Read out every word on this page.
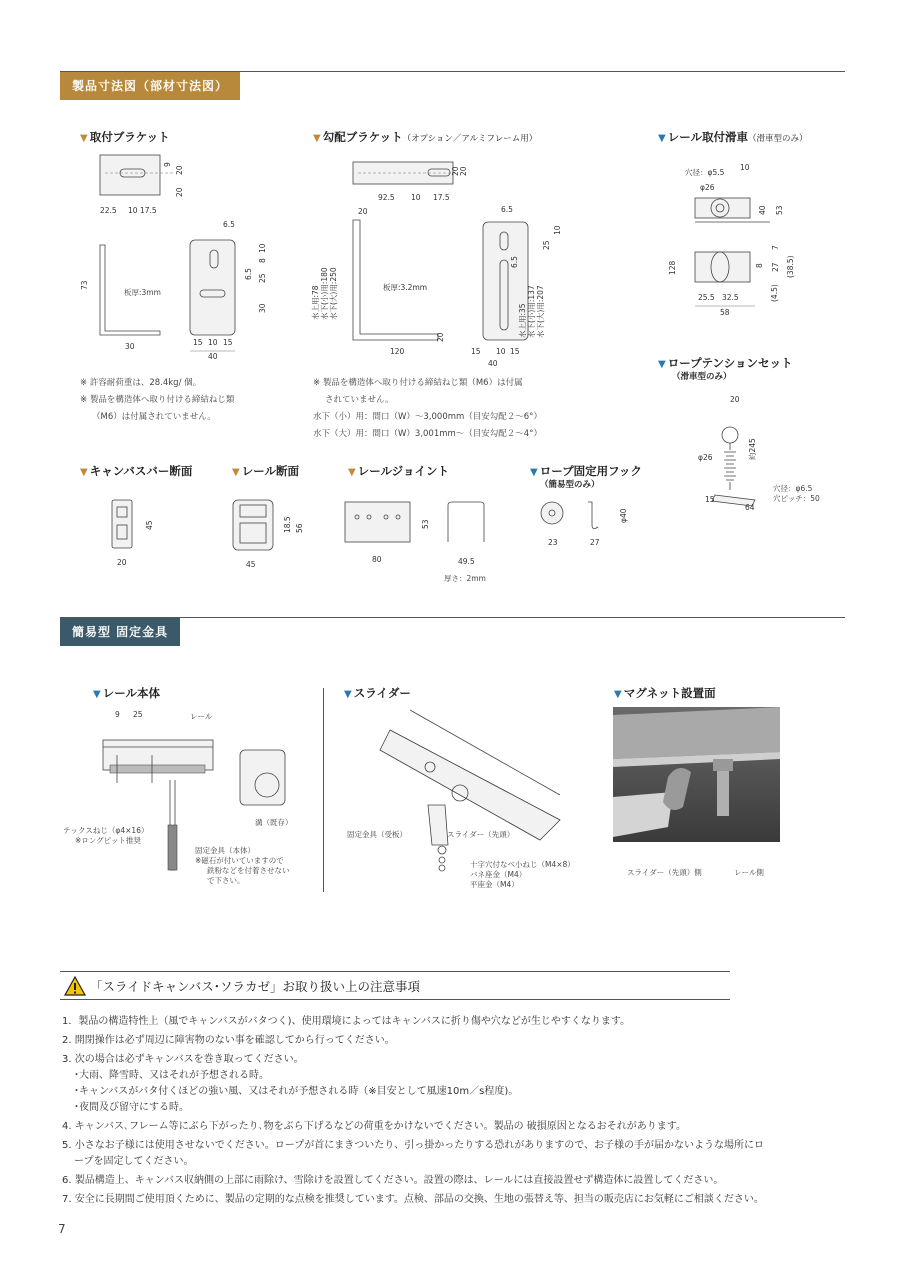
製品寸法図（部材寸法図）
▼ 取付ブラケット
9
20
20
22.5 10 17.5
73
30
6.5
10
8
6.5 25
30
15 10 15
40
板厚:3mm
※ 許容耐荷重は、28.4kg/ 個。
※ 製品を構造体へ取り付ける締結ねじ類
（M6）は付属されていません。
▼ 勾配ブラケット（オプション／アルミフレーム用）
20 20
92.5 10 17.5
20
水上用:78 水下(小)用:180 水下(大)用:250	板厚:3.2mm
120
20
6.5
25
10
6.5
水上用:35 水下(小)用:137 水下(大)用:207
15 10 15
40
※ 製品を構造体へ取り付ける締結ねじ類（M6）は付属
されていません。
水下（小）用：間口（W）～3,000mm（目安勾配２～6°）
水下（大）用：間口（W）3,001mm～（目安勾配２～4°）
▼ レール取付滑車（滑車型のみ）
穴径：φ5.5
10
φ26
40 53
7
8 27 (38.5)
128
25.5 32.5	(4.5)
58
▼ ロープテンションセット
（滑車型のみ）
20
φ26	約245
15
64
穴径：φ6.5
穴ピッチ：50
▼ キャンバスバー断面
45
20
▼ レール断面
18.5 56
45
▼ レールジョイント
53
80	49.5
厚さ：2mm
▼ ロープ固定用フック
（簡易型のみ）
φ40
23	27
簡易型 固定金具
▼ レール本体
9 25	レール
テックスねじ（φ4×16）
※ロングピット推奨
溝（既存）
固定金具（本体）
※磁石が付いていますので
鉄粉などを付着させない
で下さい。
▼ スライダー
固定金具（受板）	スライダー（先頭）
十字穴付なべ小ねじ（M4×8）
バネ座金（M4）
平座金（M4）
▼ マグネット設置面
スライダー（先頭）側	レール側
「スライドキャンバス･ソラカゼ」お取り扱い上の注意事項
1．製品の構造特性上（風でキャンバスがバタつく)、使用環境によってはキャンバスに折り傷や穴などが生じやすくなります。
2. 開閉操作は必ず周辺に障害物のない事を確認してから行ってください。
3. 次の場合は必ずキャンバスを巻き取ってください。
･大雨、降雪時、又はそれが予想される時。
･キャンバスがバタ付くほどの強い風、又はそれが予想される時（※目安として風速10m／s程度)。
･夜間及び留守にする時。
4. キャンバス､フレーム等にぶら下がったり､物をぶら下げるなどの荷重をかけないでください。製品の 破損原因となるおそれがあります。
5. 小さなお子様には使用させないでください。ロープが首にまきついたり、引っ掛かったりする恐れがありますので、お子様の手が届かないような場所にロ
ープを固定してください。
6. 製品構造上、キャンバス収納側の上部に雨除け、雪除けを設置してください。設置の際は、レールには直接設置せず構造体に設置してください。
7. 安全に長期間ご使用頂くために、製品の定期的な点検を推奨しています。点検、部品の交換、生地の張替え等、担当の販売店にお気軽にご相談ください。
7
